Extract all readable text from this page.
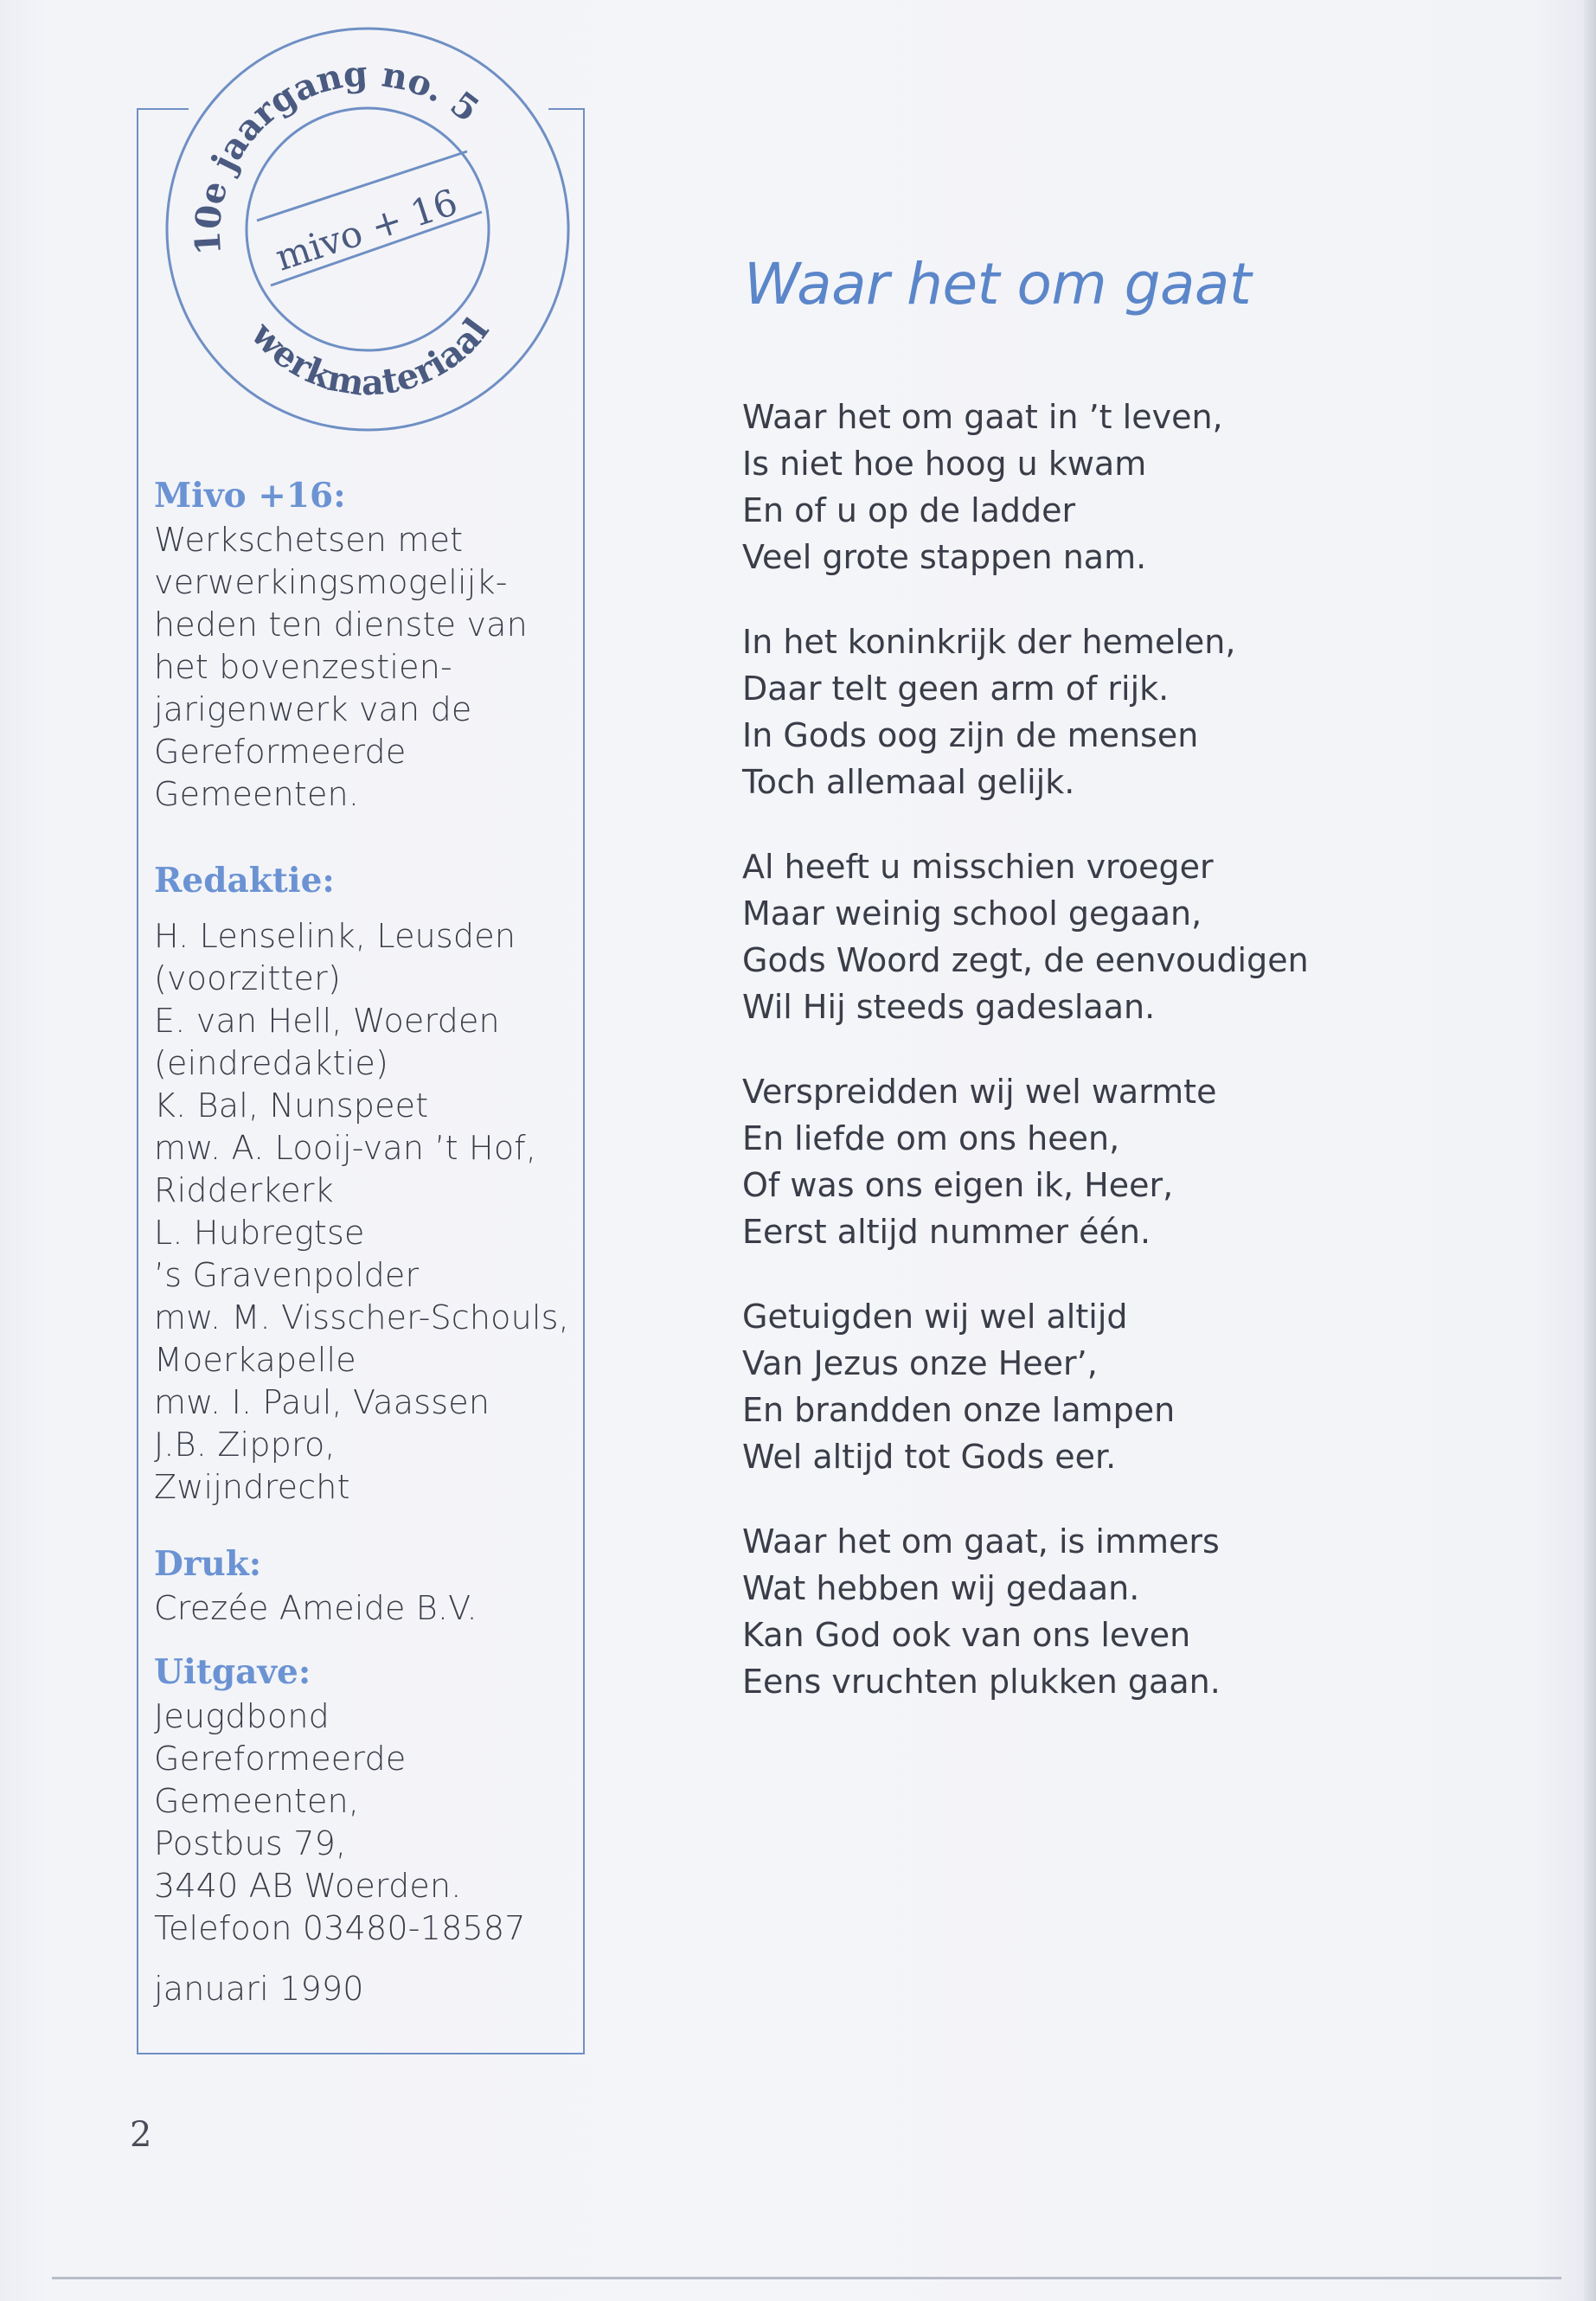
10e jaargang no. 5
werkmateriaal
mivo + 16
Mivo +16:
Werkschetsen met
verwerkingsmogelijk-
heden ten dienste van
het bovenzestien-
jarigenwerk van de
Gereformeerde
Gemeenten.
Redaktie:
H. Lenselink, Leusden
(voorzitter)
E. van Hell, Woerden
(eindredaktie)
K. Bal, Nunspeet
mw. A. Looij-van ’t Hof,
Ridderkerk
L. Hubregtse
’s Gravenpolder
mw. M. Visscher-Schouls,
Moerkapelle
mw. I. Paul, Vaassen
J.B. Zippro,
Zwijndrecht
Druk:
Crezée Ameide B.V.
Uitgave:
Jeugdbond
Gereformeerde
Gemeenten,
Postbus 79,
3440 AB Woerden.
Telefoon 03480-18587
januari 1990
Waar het om gaat
Waar het om gaat in ’t leven,
Is niet hoe hoog u kwam
En of u op de ladder
Veel grote stappen nam.
In het koninkrijk der hemelen,
Daar telt geen arm of rijk.
In Gods oog zijn de mensen
Toch allemaal gelijk.
Al heeft u misschien vroeger
Maar weinig school gegaan,
Gods Woord zegt, de eenvoudigen
Wil Hij steeds gadeslaan.
Verspreidden wij wel warmte
En liefde om ons heen,
Of was ons eigen ik, Heer,
Eerst altijd nummer één.
Getuigden wij wel altijd
Van Jezus onze Heer’,
En brandden onze lampen
Wel altijd tot Gods eer.
Waar het om gaat, is immers
Wat hebben wij gedaan.
Kan God ook van ons leven
Eens vruchten plukken gaan.
2
